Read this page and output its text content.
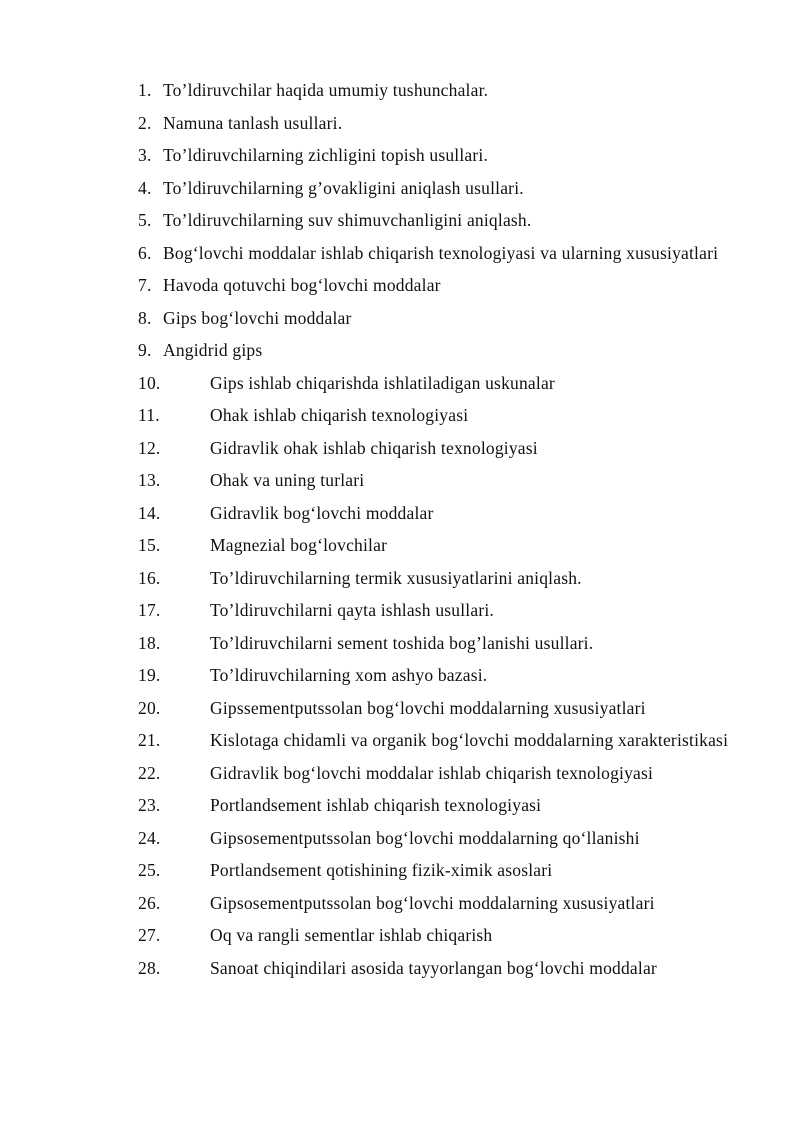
1. To’ldiruvchilar haqida umumiy tushunchalar.
2. Namuna tanlash usullari.
3. To’ldiruvchilarning zichligini topish usullari.
4. To’ldiruvchilarning g’ovakligini aniqlash usullari.
5. To’ldiruvchilarning suv shimuvchanligini aniqlash.
6. Bog‘lovchi moddalar ishlab chiqarish texnologiyasi va ularning xususiyatlari
7. Havoda qotuvchi bog‘lovchi moddalar
8. Gips bog‘lovchi moddalar
9. Angidrid gips
10.	Gips ishlab chiqarishda ishlatiladigan uskunalar
11.	Ohak ishlab chiqarish texnologiyasi
12.	Gidravlik ohak ishlab chiqarish texnologiyasi
13.	Ohak va uning turlari
14.	Gidravlik bog‘lovchi moddalar
15.	Magnezial bog‘lovchilar
16.	To’ldiruvchilarning termik xususiyatlarini aniqlash.
17.	To’ldiruvchilarni qayta ishlash usullari.
18.	To’ldiruvchilarni sement toshida bog’lanishi usullari.
19.	To’ldiruvchilarning xom ashyo bazasi.
20.	Gipssementputssolan bog‘lovchi moddalarning xususiyatlari
21.	Kislotaga chidamli va organik bog‘lovchi moddalarning xarakteristikasi
22.	Gidravlik bog‘lovchi moddalar ishlab chiqarish texnologiyasi
23.	Portlandsement ishlab chiqarish texnologiyasi
24.	Gipsosementputssolan bog‘lovchi moddalarning qo‘llanishi
25.	Portlandsement qotishining fizik-ximik asoslari
26.	Gipsosementputssolan bog‘lovchi moddalarning xususiyatlari
27.	Oq va rangli sementlar ishlab chiqarish
28.	Sanoat chiqindilari asosida tayyorlangan bog‘lovchi moddalar
